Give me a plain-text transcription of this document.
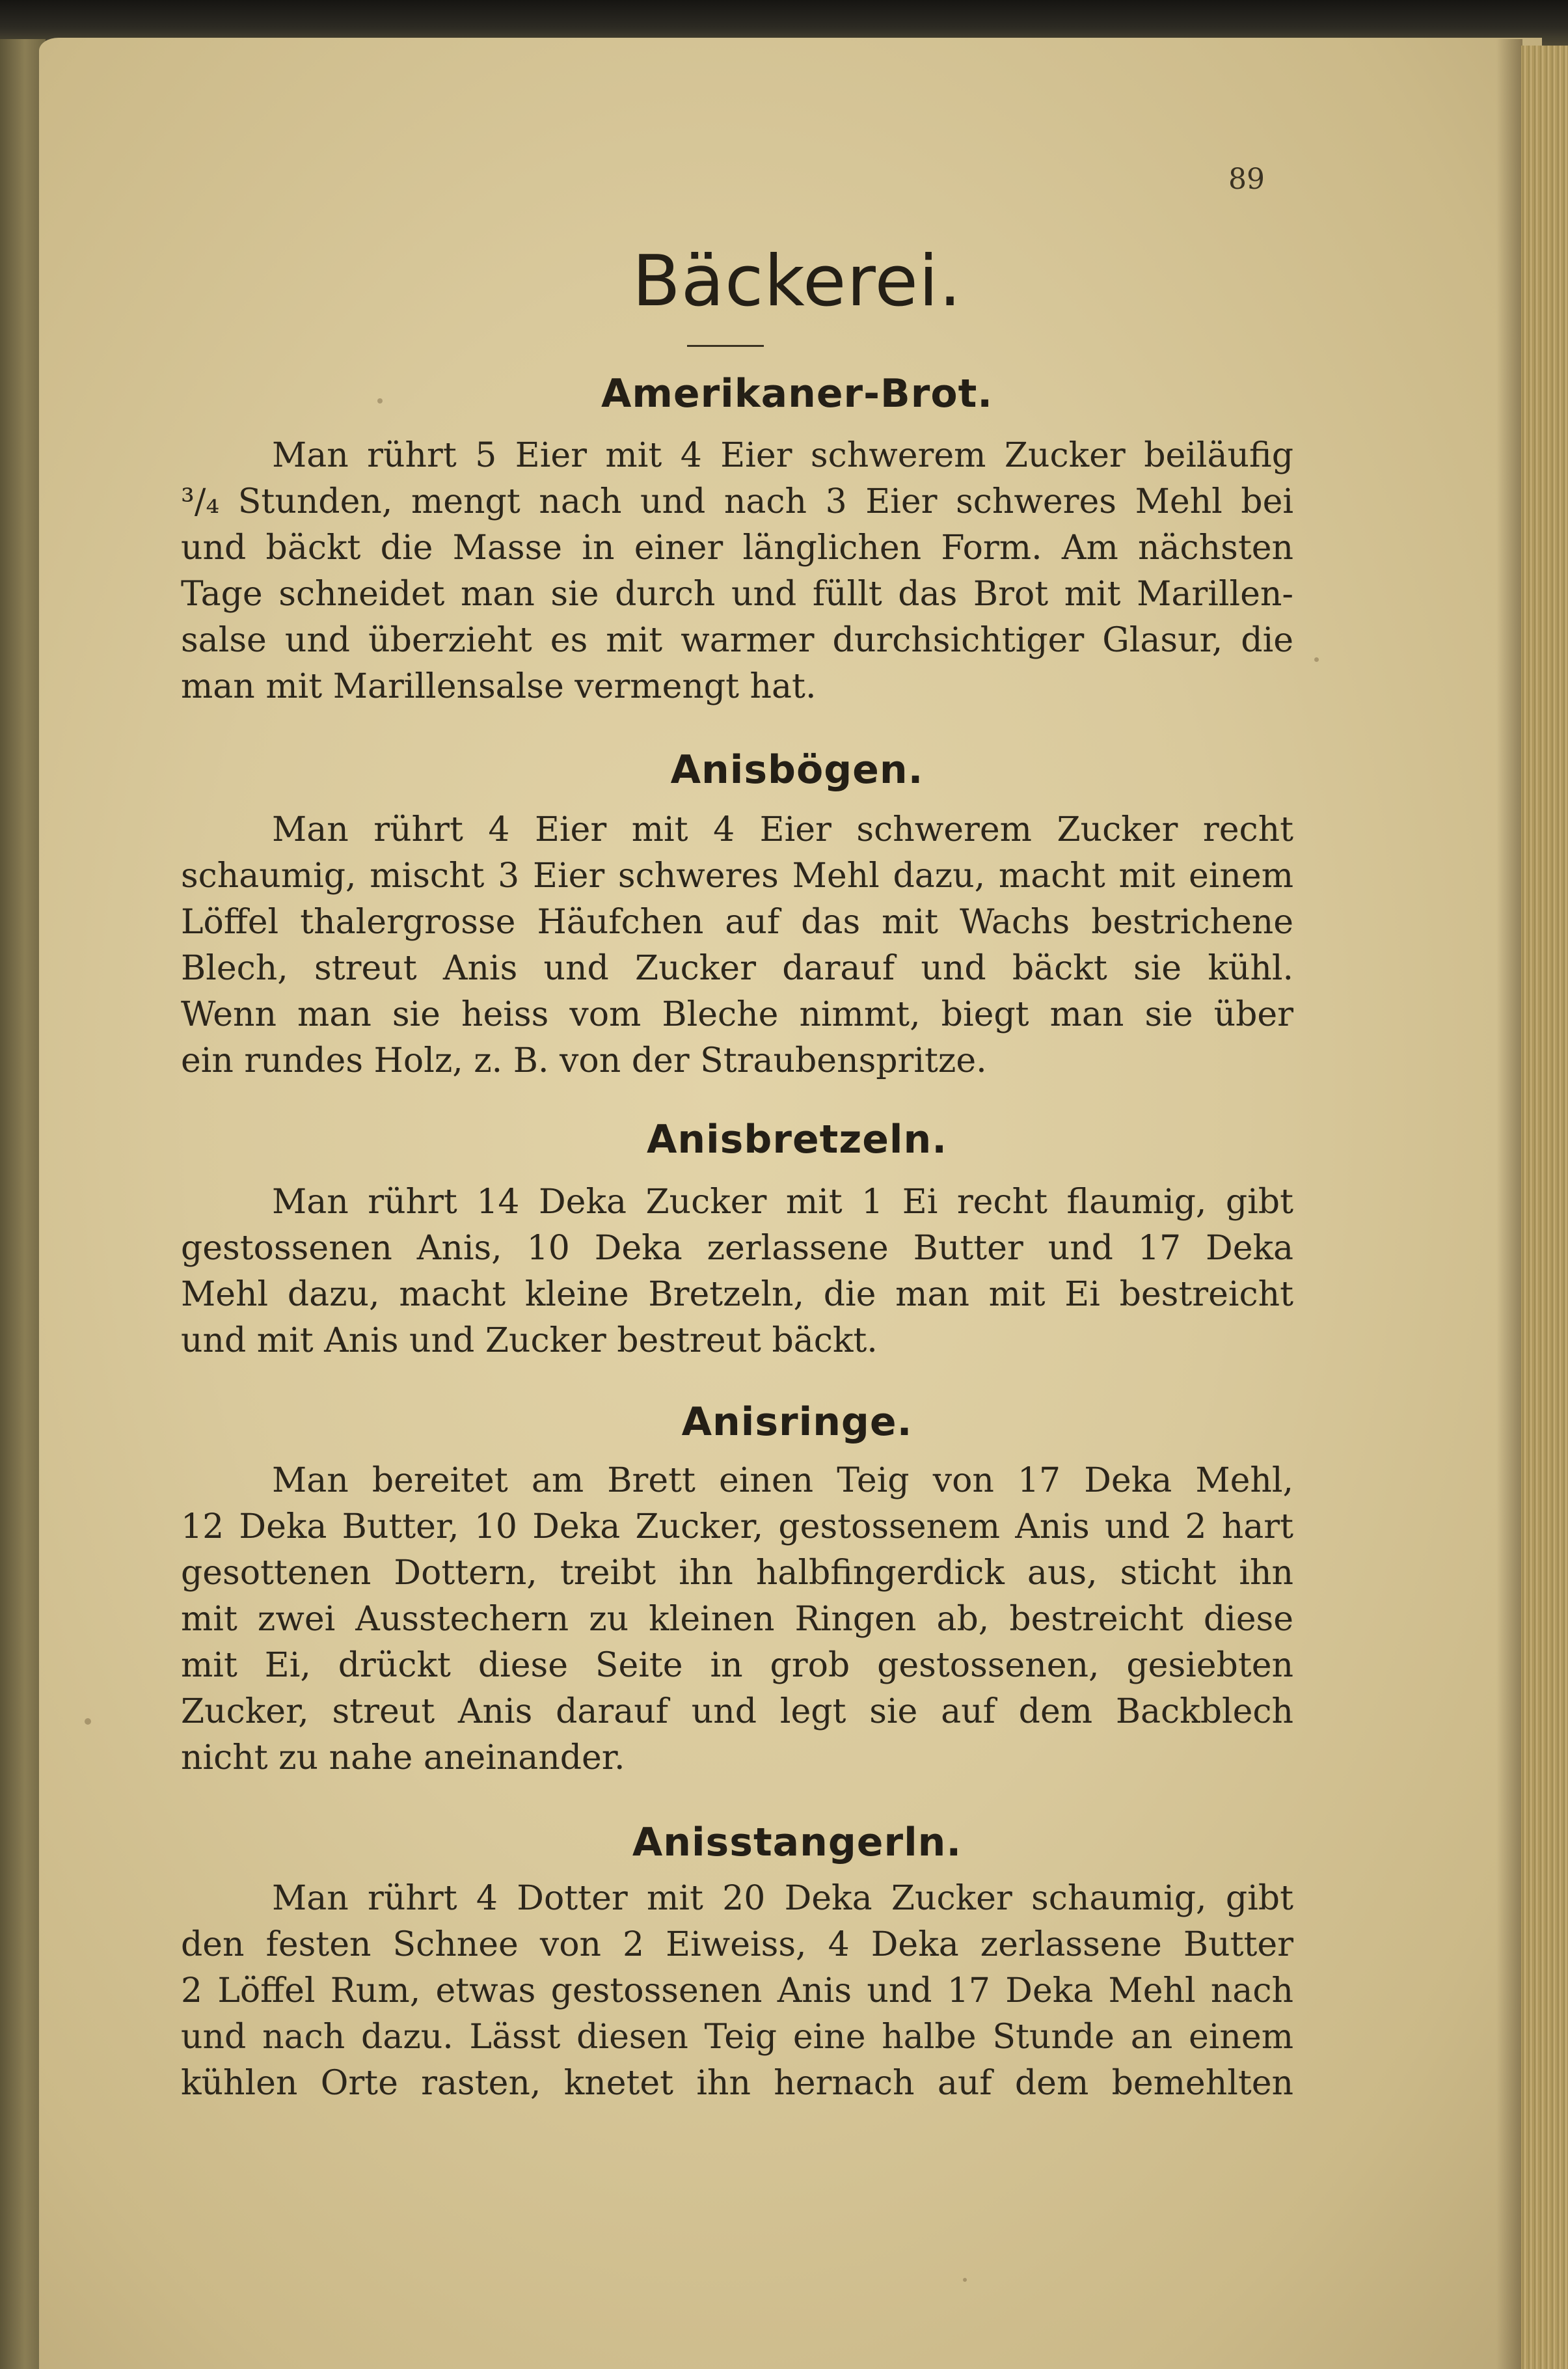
89
Bäckerei.
Amerikaner-Brot.
Man rührt 5 Eier mit 4 Eier schwerem Zucker beiläufig
³/₄ Stunden, mengt nach und nach 3 Eier schweres Mehl bei
und bäckt die Masse in einer länglichen Form. Am nächsten
Tage schneidet man sie durch und füllt das Brot mit Marillen-
salse und überzieht es mit warmer durchsichtiger Glasur, die
man mit Marillensalse vermengt hat.
Anisbögen.
Man rührt 4 Eier mit 4 Eier schwerem Zucker recht
schaumig, mischt 3 Eier schweres Mehl dazu, macht mit einem
Löffel thalergrosse Häufchen auf das mit Wachs bestrichene
Blech, streut Anis und Zucker darauf und bäckt sie kühl.
Wenn man sie heiss vom Bleche nimmt, biegt man sie über
ein rundes Holz, z. B. von der Straubenspritze.
Anisbretzeln.
Man rührt 14 Deka Zucker mit 1 Ei recht flaumig, gibt
gestossenen Anis, 10 Deka zerlassene Butter und 17 Deka
Mehl dazu, macht kleine Bretzeln, die man mit Ei bestreicht
und mit Anis und Zucker bestreut bäckt.
Anisringe.
Man bereitet am Brett einen Teig von 17 Deka Mehl,
12 Deka Butter, 10 Deka Zucker, gestossenem Anis und 2 hart
gesottenen Dottern, treibt ihn halbfingerdick aus, sticht ihn
mit zwei Ausstechern zu kleinen Ringen ab, bestreicht diese
mit Ei, drückt diese Seite in grob gestossenen, gesiebten
Zucker, streut Anis darauf und legt sie auf dem Backblech
nicht zu nahe aneinander.
Anisstangerln.
Man rührt 4 Dotter mit 20 Deka Zucker schaumig, gibt
den festen Schnee von 2 Eiweiss, 4 Deka zerlassene Butter
2 Löffel Rum, etwas gestossenen Anis und 17 Deka Mehl nach
und nach dazu. Lässt diesen Teig eine halbe Stunde an einem
kühlen Orte rasten, knetet ihn hernach auf dem bemehlten
